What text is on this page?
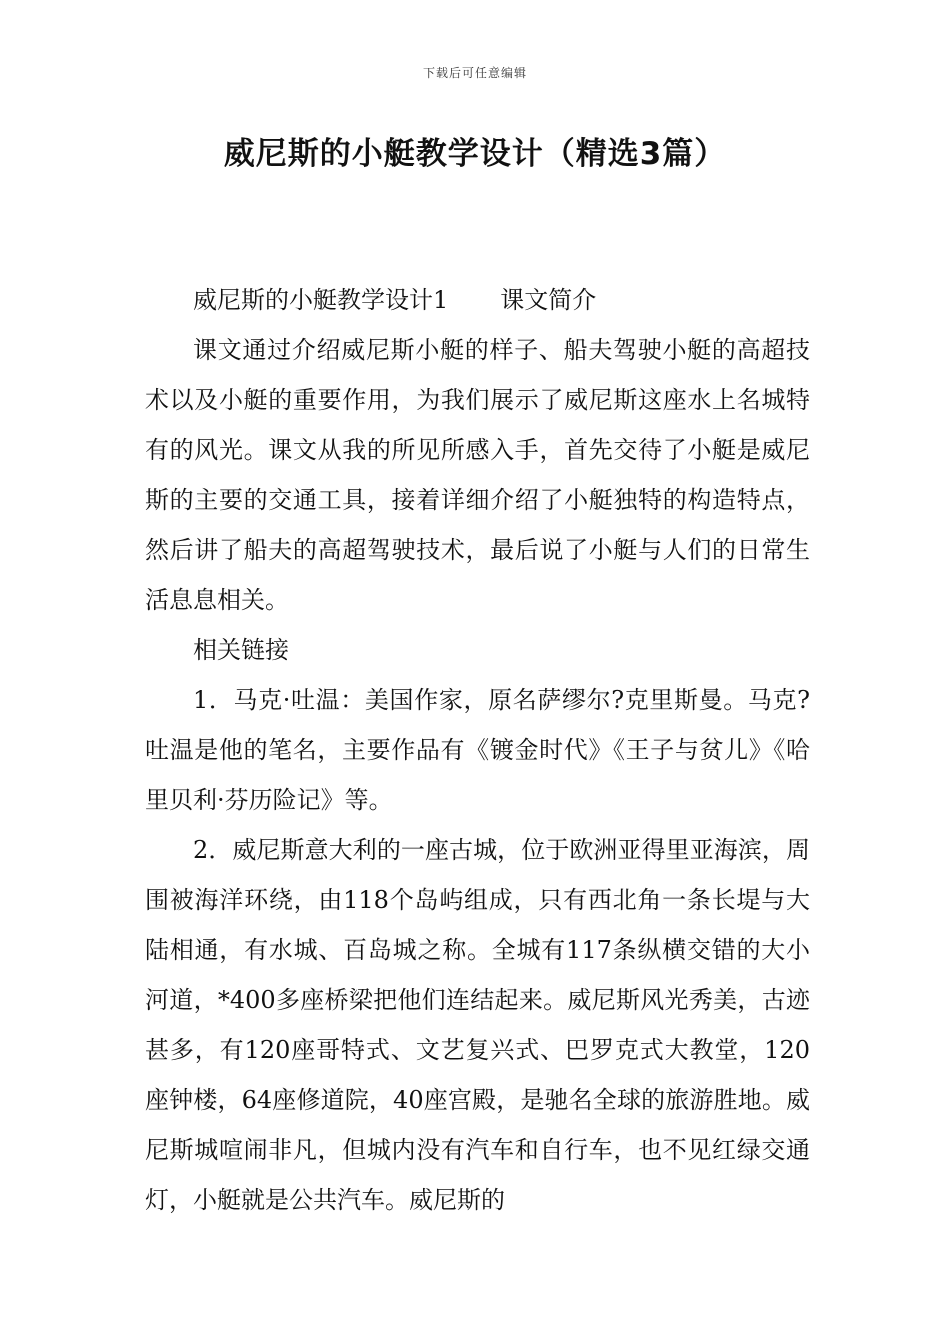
下载后可任意编辑
威尼斯的小艇教学设计（精选3篇）

威尼斯的小艇教学设计1 课文简介

课文通过介绍威尼斯小艇的样子、船夫驾驶小艇的高超技术以及小艇的重要作用，为我们展示了威尼斯这座水上名城特有的风光。课文从我的所见所感入手，首先交待了小艇是威尼斯的主要的交通工具，接着详细介绍了小艇独特的构造特点，然后讲了船夫的高超驾驶技术，最后说了小艇与人们的日常生活息息相关。

相关链接

1．马克·吐温：美国作家，原名萨缪尔?克里斯曼。马克?吐温是他的笔名，主要作品有《镀金时代》《王子与贫儿》《哈里贝利·芬历险记》等。

2．威尼斯意大利的一座古城，位于欧洲亚得里亚海滨，周围被海洋环绕，由118个岛屿组成，只有西北角一条长堤与大陆相通，有水城、百岛城之称。全城有117条纵横交错的大小河道，*400多座桥梁把他们连结起来。威尼斯风光秀美，古迹甚多，有120座哥特式、文艺复兴式、巴罗克式大教堂，120座钟楼，64座修道院，40座宫殿，是驰名全球的旅游胜地。威尼斯城喧闹非凡，但城内没有汽车和自行车，也不见红绿交通灯，小艇就是公共汽车。威尼斯的
